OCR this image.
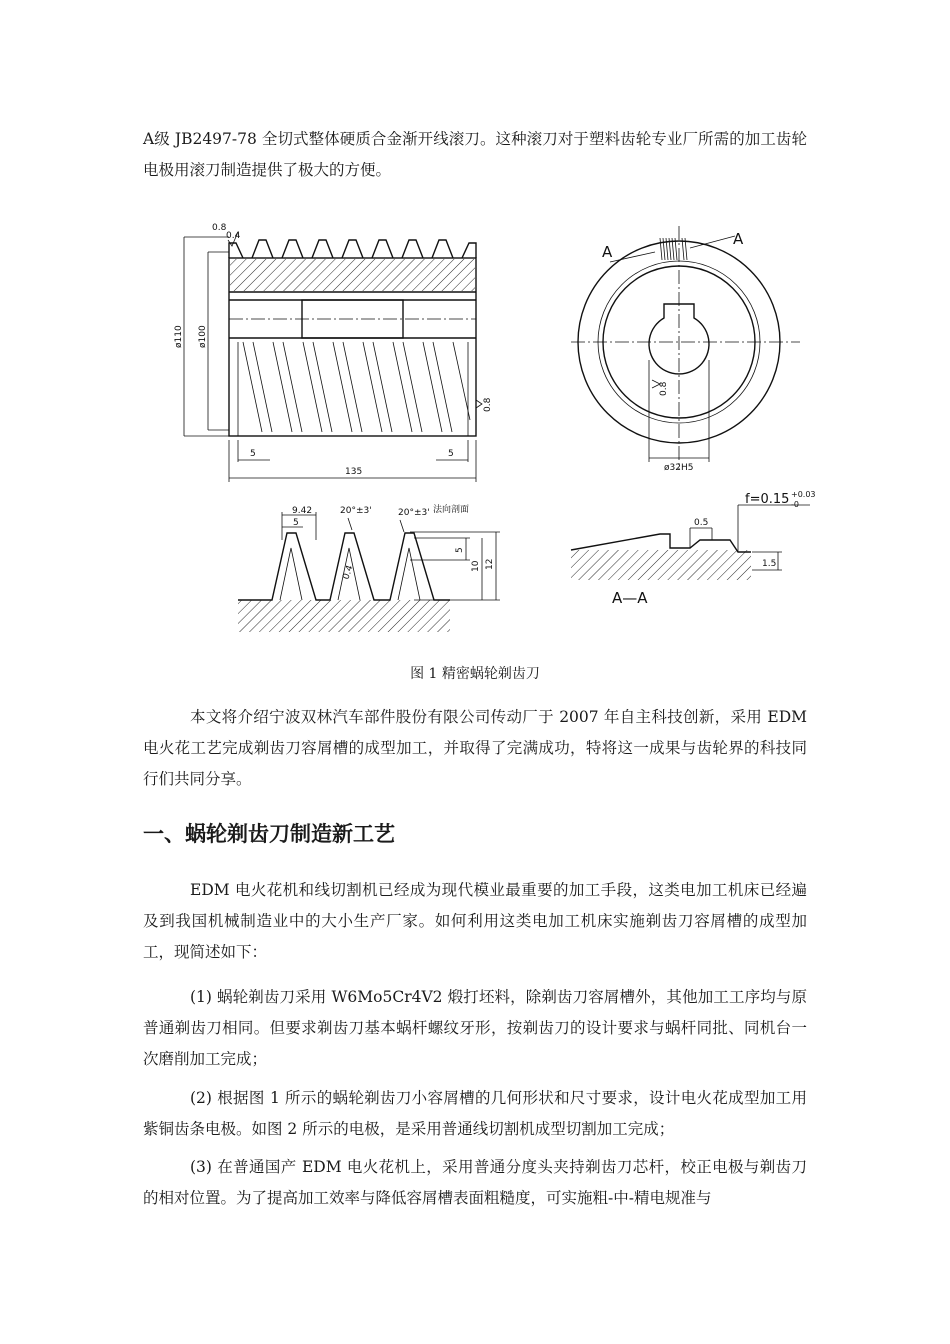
A级 JB2497-78 全切式整体硬质合金渐开线滚刀。这种滚刀对于塑料齿轮专业厂所需的加工齿轮电极用滚刀制造提供了极大的方便。

ø110 ø100
0.8
0.4
0.8
5	5
135
A
A
ø32H5
0.8
9.42
5
20°±3'	20°±3' 法向剖面
5
10 12
0.4
0.5
f=0.15 +0.03
-0
1.5
A—A

图 1 精密蜗轮剃齿刀

本文将介绍宁波双林汽车部件股份有限公司传动厂于 2007 年自主科技创新，采用 EDM 电火花工艺完成剃齿刀容屑槽的成型加工，并取得了完满成功，特将这一成果与齿轮界的科技同行们共同分享。

一、蜗轮剃齿刀制造新工艺

EDM 电火花机和线切割机已经成为现代模业最重要的加工手段，这类电加工机床已经遍及到我国机械制造业中的大小生产厂家。如何利用这类电加工机床实施剃齿刀容屑槽的成型加工，现简述如下：

(1) 蜗轮剃齿刀采用 W6Mo5Cr4V2 煅打坯料，除剃齿刀容屑槽外，其他加工工序均与原普通剃齿刀相同。但要求剃齿刀基本蜗杆螺纹牙形，按剃齿刀的设计要求与蜗杆同批、同机台一次磨削加工完成；

(2) 根据图 1 所示的蜗轮剃齿刀小容屑槽的几何形状和尺寸要求，设计电火花成型加工用紫铜齿条电极。如图 2 所示的电极，是采用普通线切割机成型切割加工完成；

(3) 在普通国产 EDM 电火花机上，采用普通分度头夹持剃齿刀芯杆，校正电极与剃齿刀的相对位置。为了提高加工效率与降低容屑槽表面粗糙度，可实施粗-中-精电规准与
